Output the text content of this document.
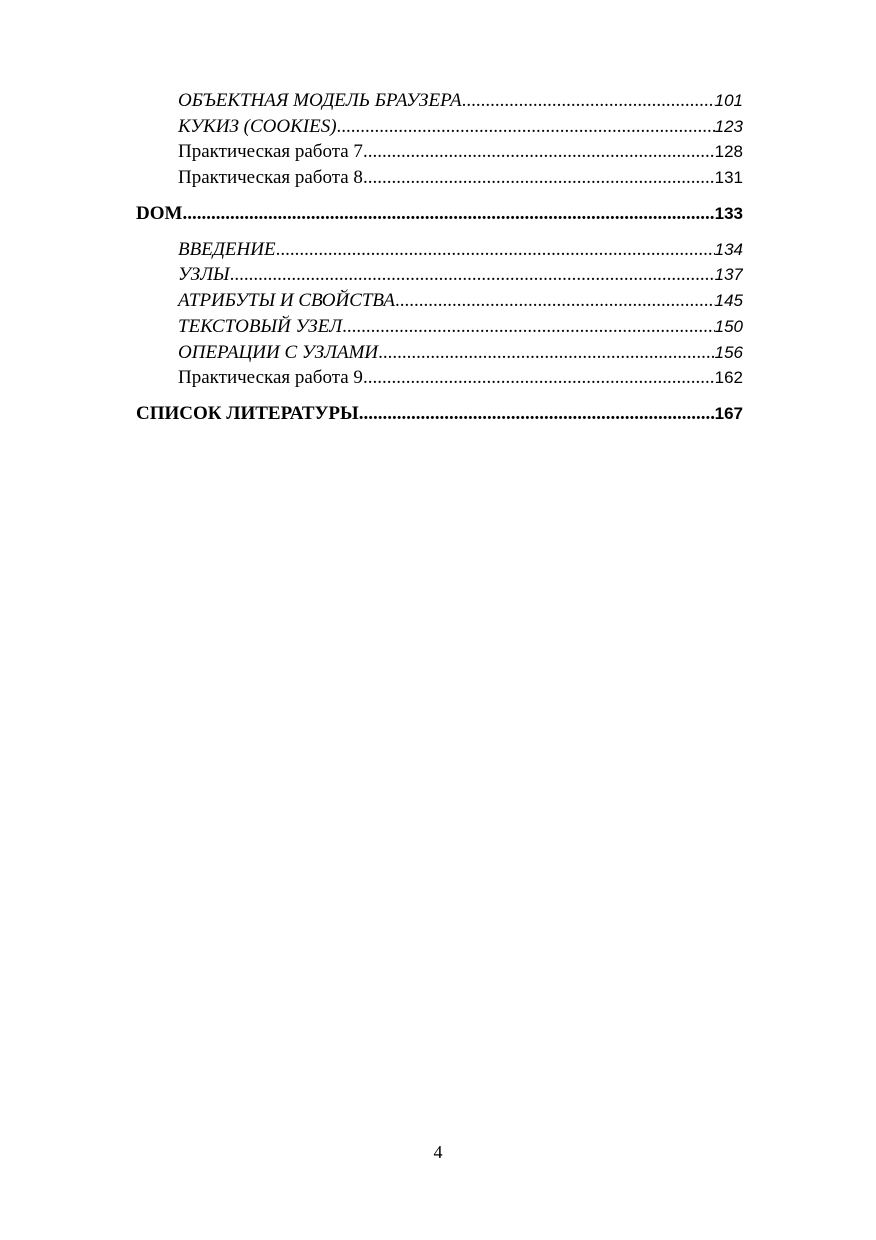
ОБЪЕКТНАЯ МОДЕЛЬ БРАУЗЕРА .....	101
КУКИЗ (COOKIES) .....	123
Практическая работа 7 .....	128
Практическая работа 8 .....	131
DOM .....	133
ВВЕДЕНИЕ .....	134
УЗЛЫ .....	137
АТРИБУТЫ И СВОЙСТВА .....	145
ТЕКСТОВЫЙ УЗЕЛ .....	150
ОПЕРАЦИИ С УЗЛАМИ .....	156
Практическая работа 9 .....	162
СПИСОК ЛИТЕРАТУРЫ .....	167
4
